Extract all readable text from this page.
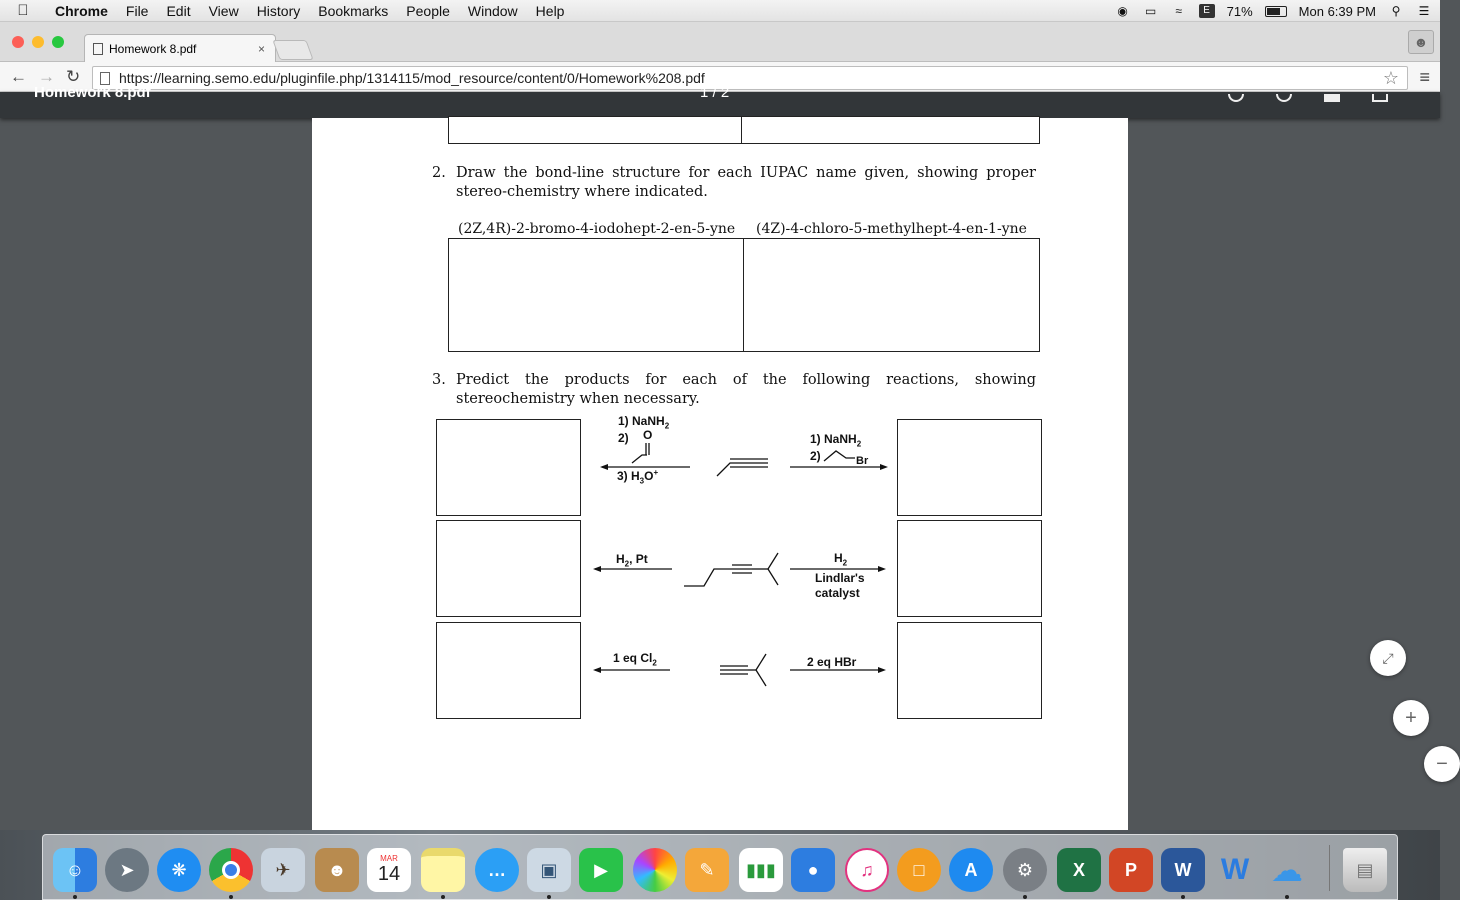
Chrome	File	Edit	View	History	Bookmarks	People	Window	Help	◉ ▭	≈	E	71%	Mon 6:39 PM ⚲	☰
Homework 8.pdf	×	☻
← → ↻	https://learning.semo.edu/pluginfile.php/1314115/mod_resource/content/0/Homework%208.pdf	☆ ≡
Homework 8.pdf	1 / 2
2. Draw the bond-line structure for each IUPAC name given, showing proper stereo-chemistry where indicated.
(2Z,4R)-2-bromo-4-iodohept-2-en-5-yne (4Z)-4-chloro-5-methylhept-4-en-1-yne
3. Predict the products for each of the following reactions, showing stereochemistry when necessary.
1) NaNH$_2$
2) O
3) $H_3O^+$
1) NaNH$_2$
2)	Br
$H_2$, Pt	$H_2$
Lindlar's
catalyst
1 eq $Cl_2$	2 eq HBr	⤢
+
−
☺	➤	❋	✈	☻
MAR
14	…	▣	▶	✎	▮▮▮	●	♫	□	A	⚙	X P W W ☁	▤
